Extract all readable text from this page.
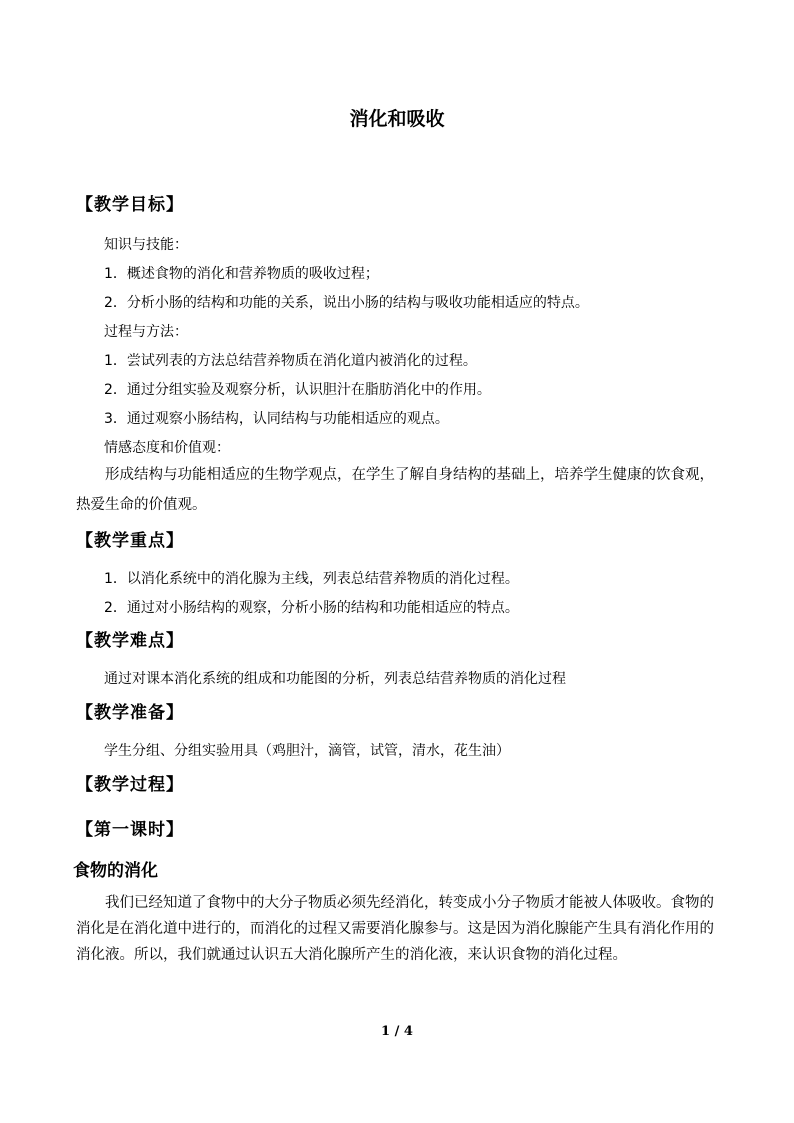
消化和吸收
【教学目标】
知识与技能：
1．概述食物的消化和营养物质的吸收过程；
2．分析小肠的结构和功能的关系，说出小肠的结构与吸收功能相适应的特点。
过程与方法：
1．尝试列表的方法总结营养物质在消化道内被消化的过程。
2．通过分组实验及观察分析，认识胆汁在脂肪消化中的作用。
3．通过观察小肠结构，认同结构与功能相适应的观点。
情感态度和价值观：
形成结构与功能相适应的生物学观点，在学生了解自身结构的基础上，培养学生健康的饮食观，热爱生命的价值观。
【教学重点】
1．以消化系统中的消化腺为主线，列表总结营养物质的消化过程。
2．通过对小肠结构的观察，分析小肠的结构和功能相适应的特点。
【教学难点】
通过对课本消化系统的组成和功能图的分析，列表总结营养物质的消化过程
【教学准备】
学生分组、分组实验用具（鸡胆汁，滴管，试管，清水，花生油）
【教学过程】
【第一课时】
食物的消化
我们已经知道了食物中的大分子物质必须先经消化，转变成小分子物质才能被人体吸收。食物的消化是在消化道中进行的，而消化的过程又需要消化腺参与。这是因为消化腺能产生具有消化作用的消化液。所以，我们就通过认识五大消化腺所产生的消化液，来认识食物的消化过程。
1 / 4
